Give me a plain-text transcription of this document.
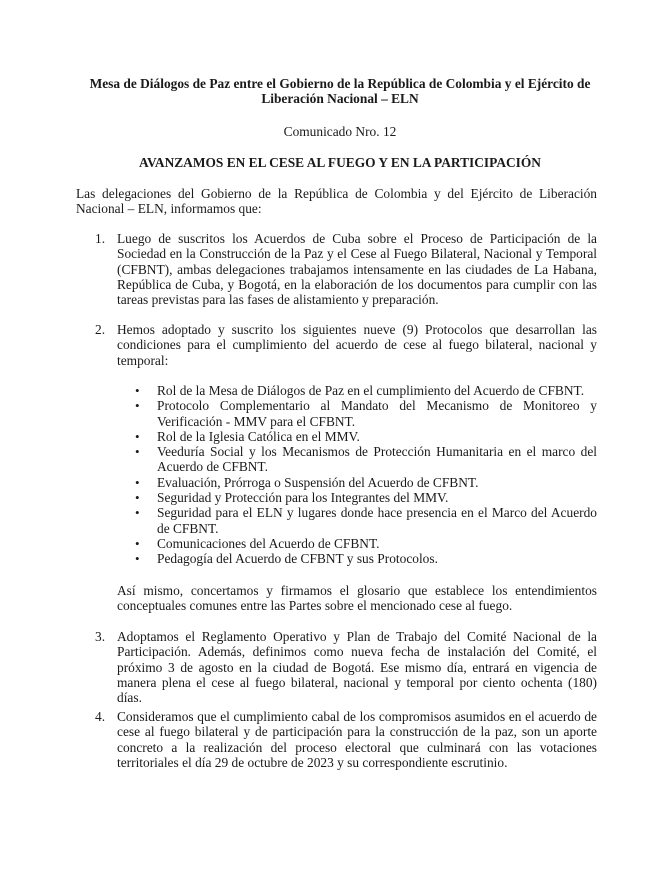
Mesa de Diálogos de Paz entre el Gobierno de la República de Colombia y el Ejército de Liberación Nacional – ELN
Comunicado Nro. 12
AVANZAMOS EN EL CESE AL FUEGO Y EN LA PARTICIPACIÓN
Las delegaciones del Gobierno de la República de Colombia y del Ejército de Liberación Nacional – ELN, informamos que:
1. Luego de suscritos los Acuerdos de Cuba sobre el Proceso de Participación de la Sociedad en la Construcción de la Paz y el Cese al Fuego Bilateral, Nacional y Temporal (CFBNT), ambas delegaciones trabajamos intensamente en las ciudades de La Habana, República de Cuba, y Bogotá, en la elaboración de los documentos para cumplir con las tareas previstas para las fases de alistamiento y preparación.
2. Hemos adoptado y suscrito los siguientes nueve (9) Protocolos que desarrollan las condiciones para el cumplimiento del acuerdo de cese al fuego bilateral, nacional y temporal:
• Rol de la Mesa de Diálogos de Paz en el cumplimiento del Acuerdo de CFBNT.
• Protocolo Complementario al Mandato del Mecanismo de Monitoreo y Verificación - MMV para el CFBNT.
• Rol de la Iglesia Católica en el MMV.
• Veeduría Social y los Mecanismos de Protección Humanitaria en el marco del Acuerdo de CFBNT.
• Evaluación, Prórroga o Suspensión del Acuerdo de CFBNT.
• Seguridad y Protección para los Integrantes del MMV.
• Seguridad para el ELN y lugares donde hace presencia en el Marco del Acuerdo de CFBNT.
• Comunicaciones del Acuerdo de CFBNT.
• Pedagogía del Acuerdo de CFBNT y sus Protocolos.
Así mismo, concertamos y firmamos el glosario que establece los entendimientos conceptuales comunes entre las Partes sobre el mencionado cese al fuego.
3. Adoptamos el Reglamento Operativo y Plan de Trabajo del Comité Nacional de la Participación. Además, definimos como nueva fecha de instalación del Comité, el próximo 3 de agosto en la ciudad de Bogotá. Ese mismo día, entrará en vigencia de manera plena el cese al fuego bilateral, nacional y temporal por ciento ochenta (180) días.
4. Consideramos que el cumplimiento cabal de los compromisos asumidos en el acuerdo de cese al fuego bilateral y de participación para la construcción de la paz, son un aporte concreto a la realización del proceso electoral que culminará con las votaciones territoriales el día 29 de octubre de 2023 y su correspondiente escrutinio.
